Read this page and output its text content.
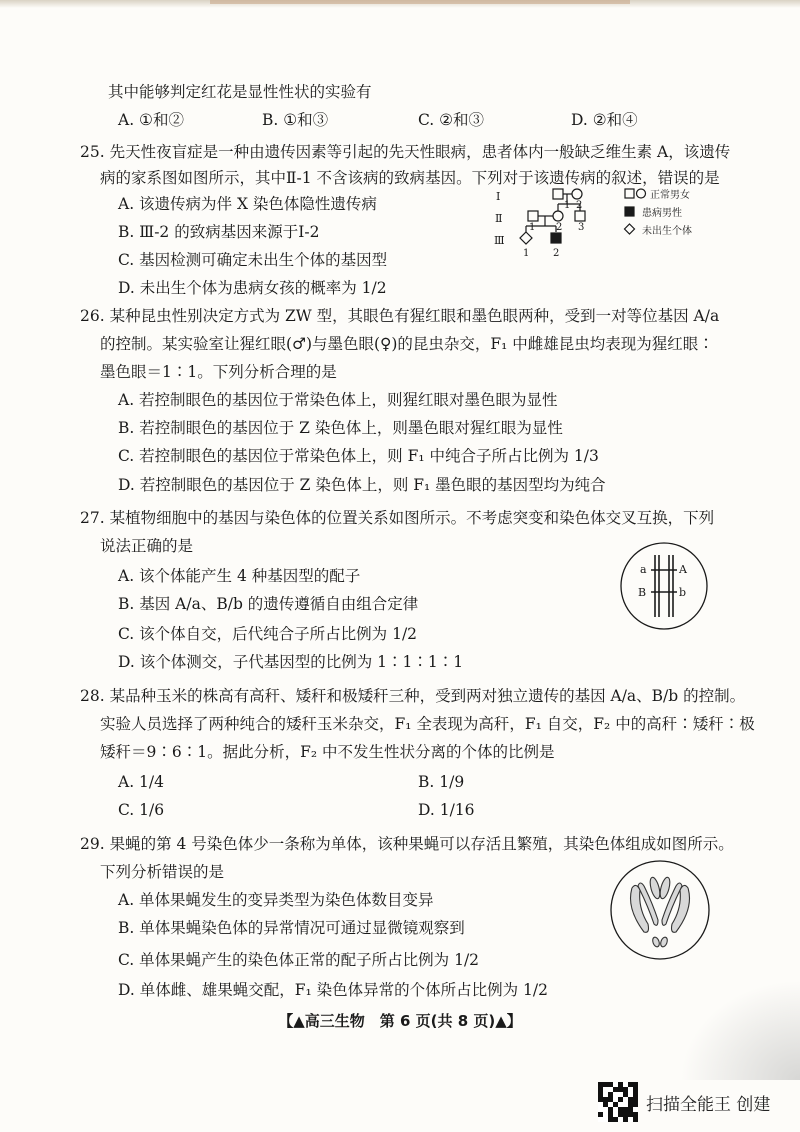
其中能够判定红花是显性性状的实验有
A. ①和②	B. ①和③	C. ②和③	D. ②和④
25. 先天性夜盲症是一种由遗传因素等引起的先天性眼病，患者体内一般缺乏维生素 A，该遗传
病的家系图如图所示，其中Ⅱ-1 不含该病的致病基因。下列对于该遗传病的叙述，错误的是
A. 该遗传病为伴 X 染色体隐性遗传病
B. Ⅲ-2 的致病基因来源于Ⅰ-2
C. 基因检测可确定未出生个体的基因型
D. 未出生个体为患病女孩的概率为 1/2
Ⅰ
Ⅱ
Ⅲ
1 2
1 2 3
1 2
正常男女
患病男性
未出生个体
26. 某种昆虫性别决定方式为 ZW 型，其眼色有猩红眼和墨色眼两种，受到一对等位基因 A/a
的控制。某实验室让猩红眼(♂)与墨色眼(♀)的昆虫杂交，F₁ 中雌雄昆虫均表现为猩红眼∶
墨色眼＝1∶1。下列分析合理的是
A. 若控制眼色的基因位于常染色体上，则猩红眼对墨色眼为显性
B. 若控制眼色的基因位于 Z 染色体上，则墨色眼对猩红眼为显性
C. 若控制眼色的基因位于常染色体上，则 F₁ 中纯合子所占比例为 1/3
D. 若控制眼色的基因位于 Z 染色体上，则 F₁ 墨色眼的基因型均为纯合
27. 某植物细胞中的基因与染色体的位置关系如图所示。不考虑突变和染色体交叉互换，下列
说法正确的是
A. 该个体能产生 4 种基因型的配子
B. 基因 A/a、B/b 的遗传遵循自由组合定律
C. 该个体自交，后代纯合子所占比例为 1/2
D. 该个体测交，子代基因型的比例为 1∶1∶1∶1
a	A
B	b
28. 某品种玉米的株高有高秆、矮秆和极矮秆三种，受到两对独立遗传的基因 A/a、B/b 的控制。
实验人员选择了两种纯合的矮秆玉米杂交，F₁ 全表现为高秆，F₁ 自交，F₂ 中的高秆∶矮秆∶极
矮秆＝9∶6∶1。据此分析，F₂ 中不发生性状分离的个体的比例是
A. 1/4	B. 1/9
C. 1/6	D. 1/16
29. 果蝇的第 4 号染色体少一条称为单体，该种果蝇可以存活且繁殖，其染色体组成如图所示。
下列分析错误的是
A. 单体果蝇发生的变异类型为染色体数目变异
B. 单体果蝇染色体的异常情况可通过显微镜观察到
C. 单体果蝇产生的染色体正常的配子所占比例为 1/2
D. 单体雌、雄果蝇交配，F₁ 染色体异常的个体所占比例为 1/2
【▲高三生物　第 6 页(共 8 页)▲】
扫描全能王 创建
